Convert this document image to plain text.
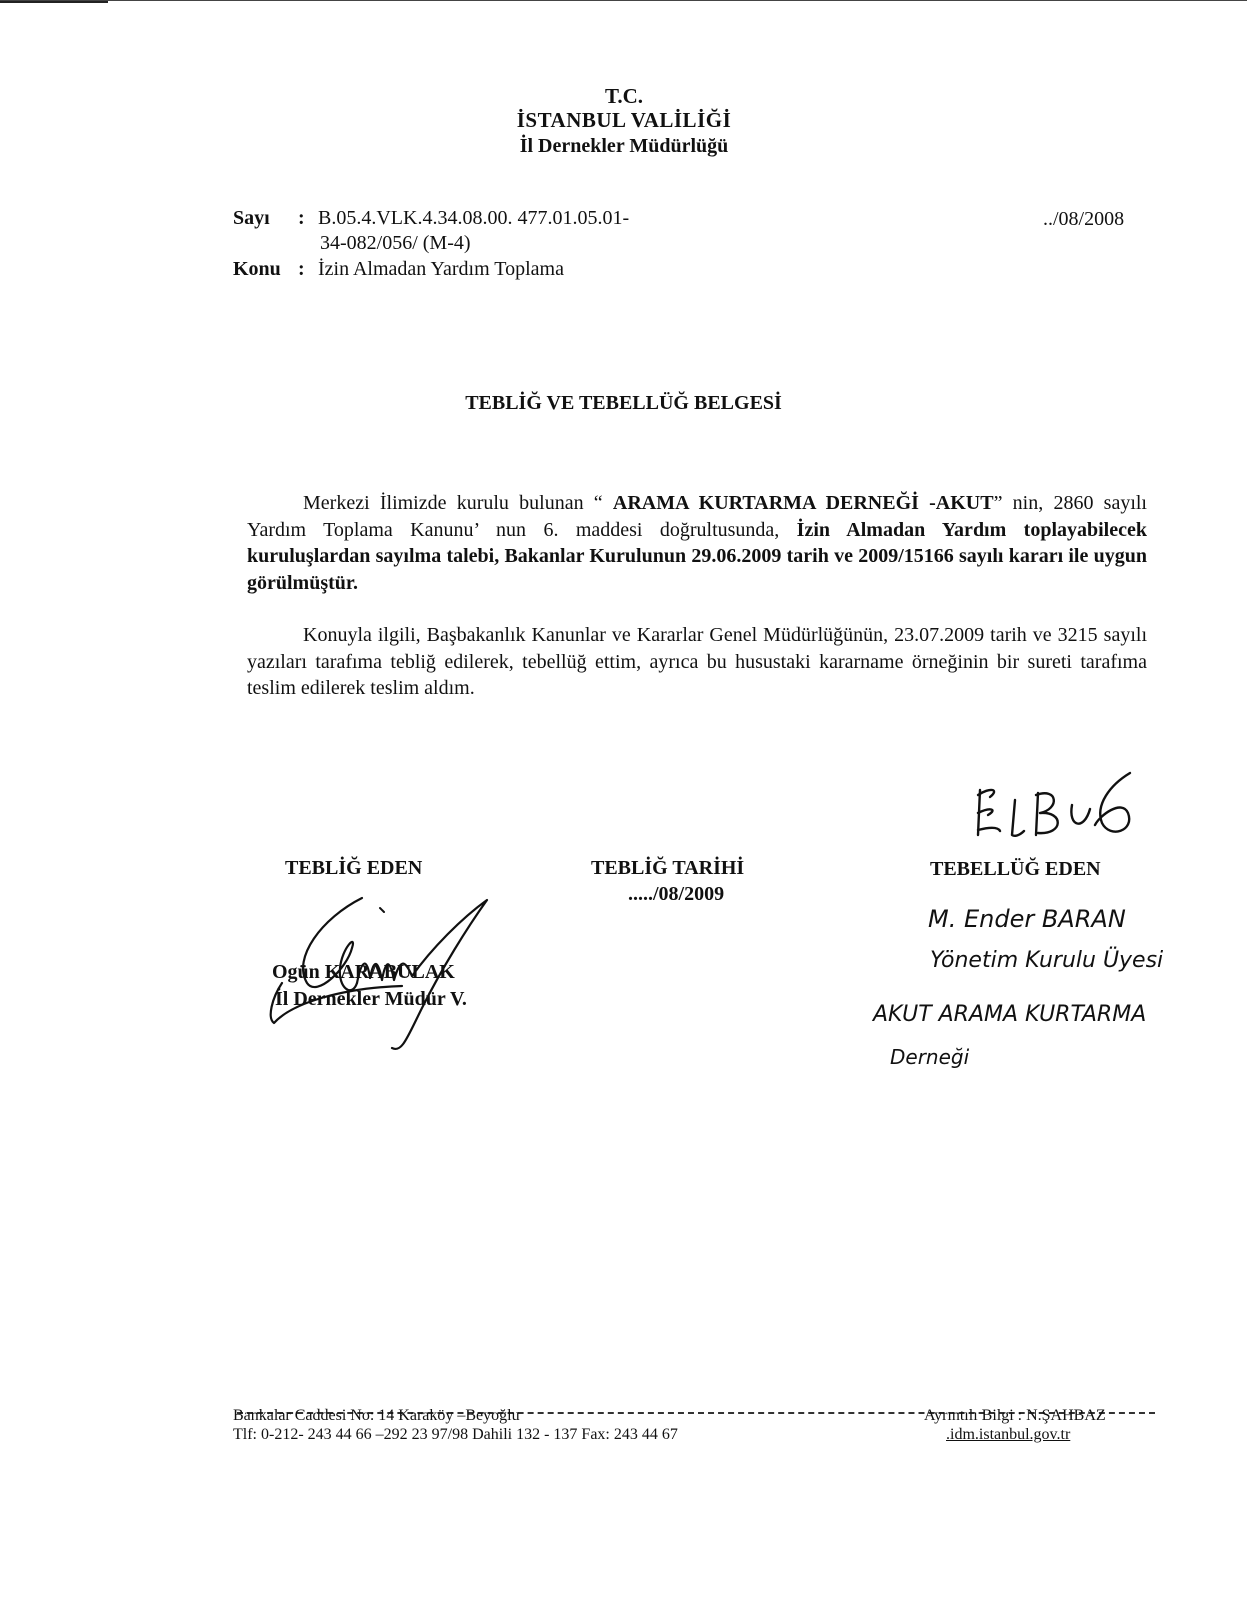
T.C.
İSTANBUL VALİLİĞİ
İl Dernekler Müdürlüğü
Sayı : B.05.4.VLK.4.34.08.00. 477.01.05.01-
34-082/056/ (M-4)
Konu : İzin Almadan Yardım Toplama
../08/2008
TEBLİĞ VE TEBELLÜĞ BELGESİ

Merkezi İlimizde kurulu bulunan “ ARAMA KURTARMA DERNEĞİ -AKUT” nin, 2860 sayılı Yardım Toplama Kanunu’ nun 6. maddesi doğrultusunda, İzin Almadan Yardım toplayabilecek kuruluşlardan sayılma talebi, Bakanlar Kurulunun 29.06.2009 tarih ve 2009/15166 sayılı kararı ile uygun görülmüştür.

Konuyla ilgili, Başbakanlık Kanunlar ve Kararlar Genel Müdürlüğünün, 23.07.2009 tarih ve 3215 sayılı yazıları tarafıma tebliğ edilerek, tebellüğ ettim, ayrıca bu husustaki kararname örneğinin bir sureti tarafıma teslim edilerek teslim aldım.

TEBLİĞ EDEN	TEBLİĞ TARİHİ
...../08/2009
TEBELLÜĞ EDEN
Ogün KARABULAK
İl Dernekler Müdür V.
M. Ender BARAN
Yönetim Kurulu Üyesi
AKUT ARAMA KURTARMA
Derneği
Bankalar Caddesi No: 14 Karaköy –Beyoğlu
Tlf: 0-212- 243 44 66 –292 23 97/98 Dahili 132 - 137 Fax: 243 44 67
Ayrıntılı Bilgi : N.ŞAHBAZ
.idm.istanbul.gov.tr
